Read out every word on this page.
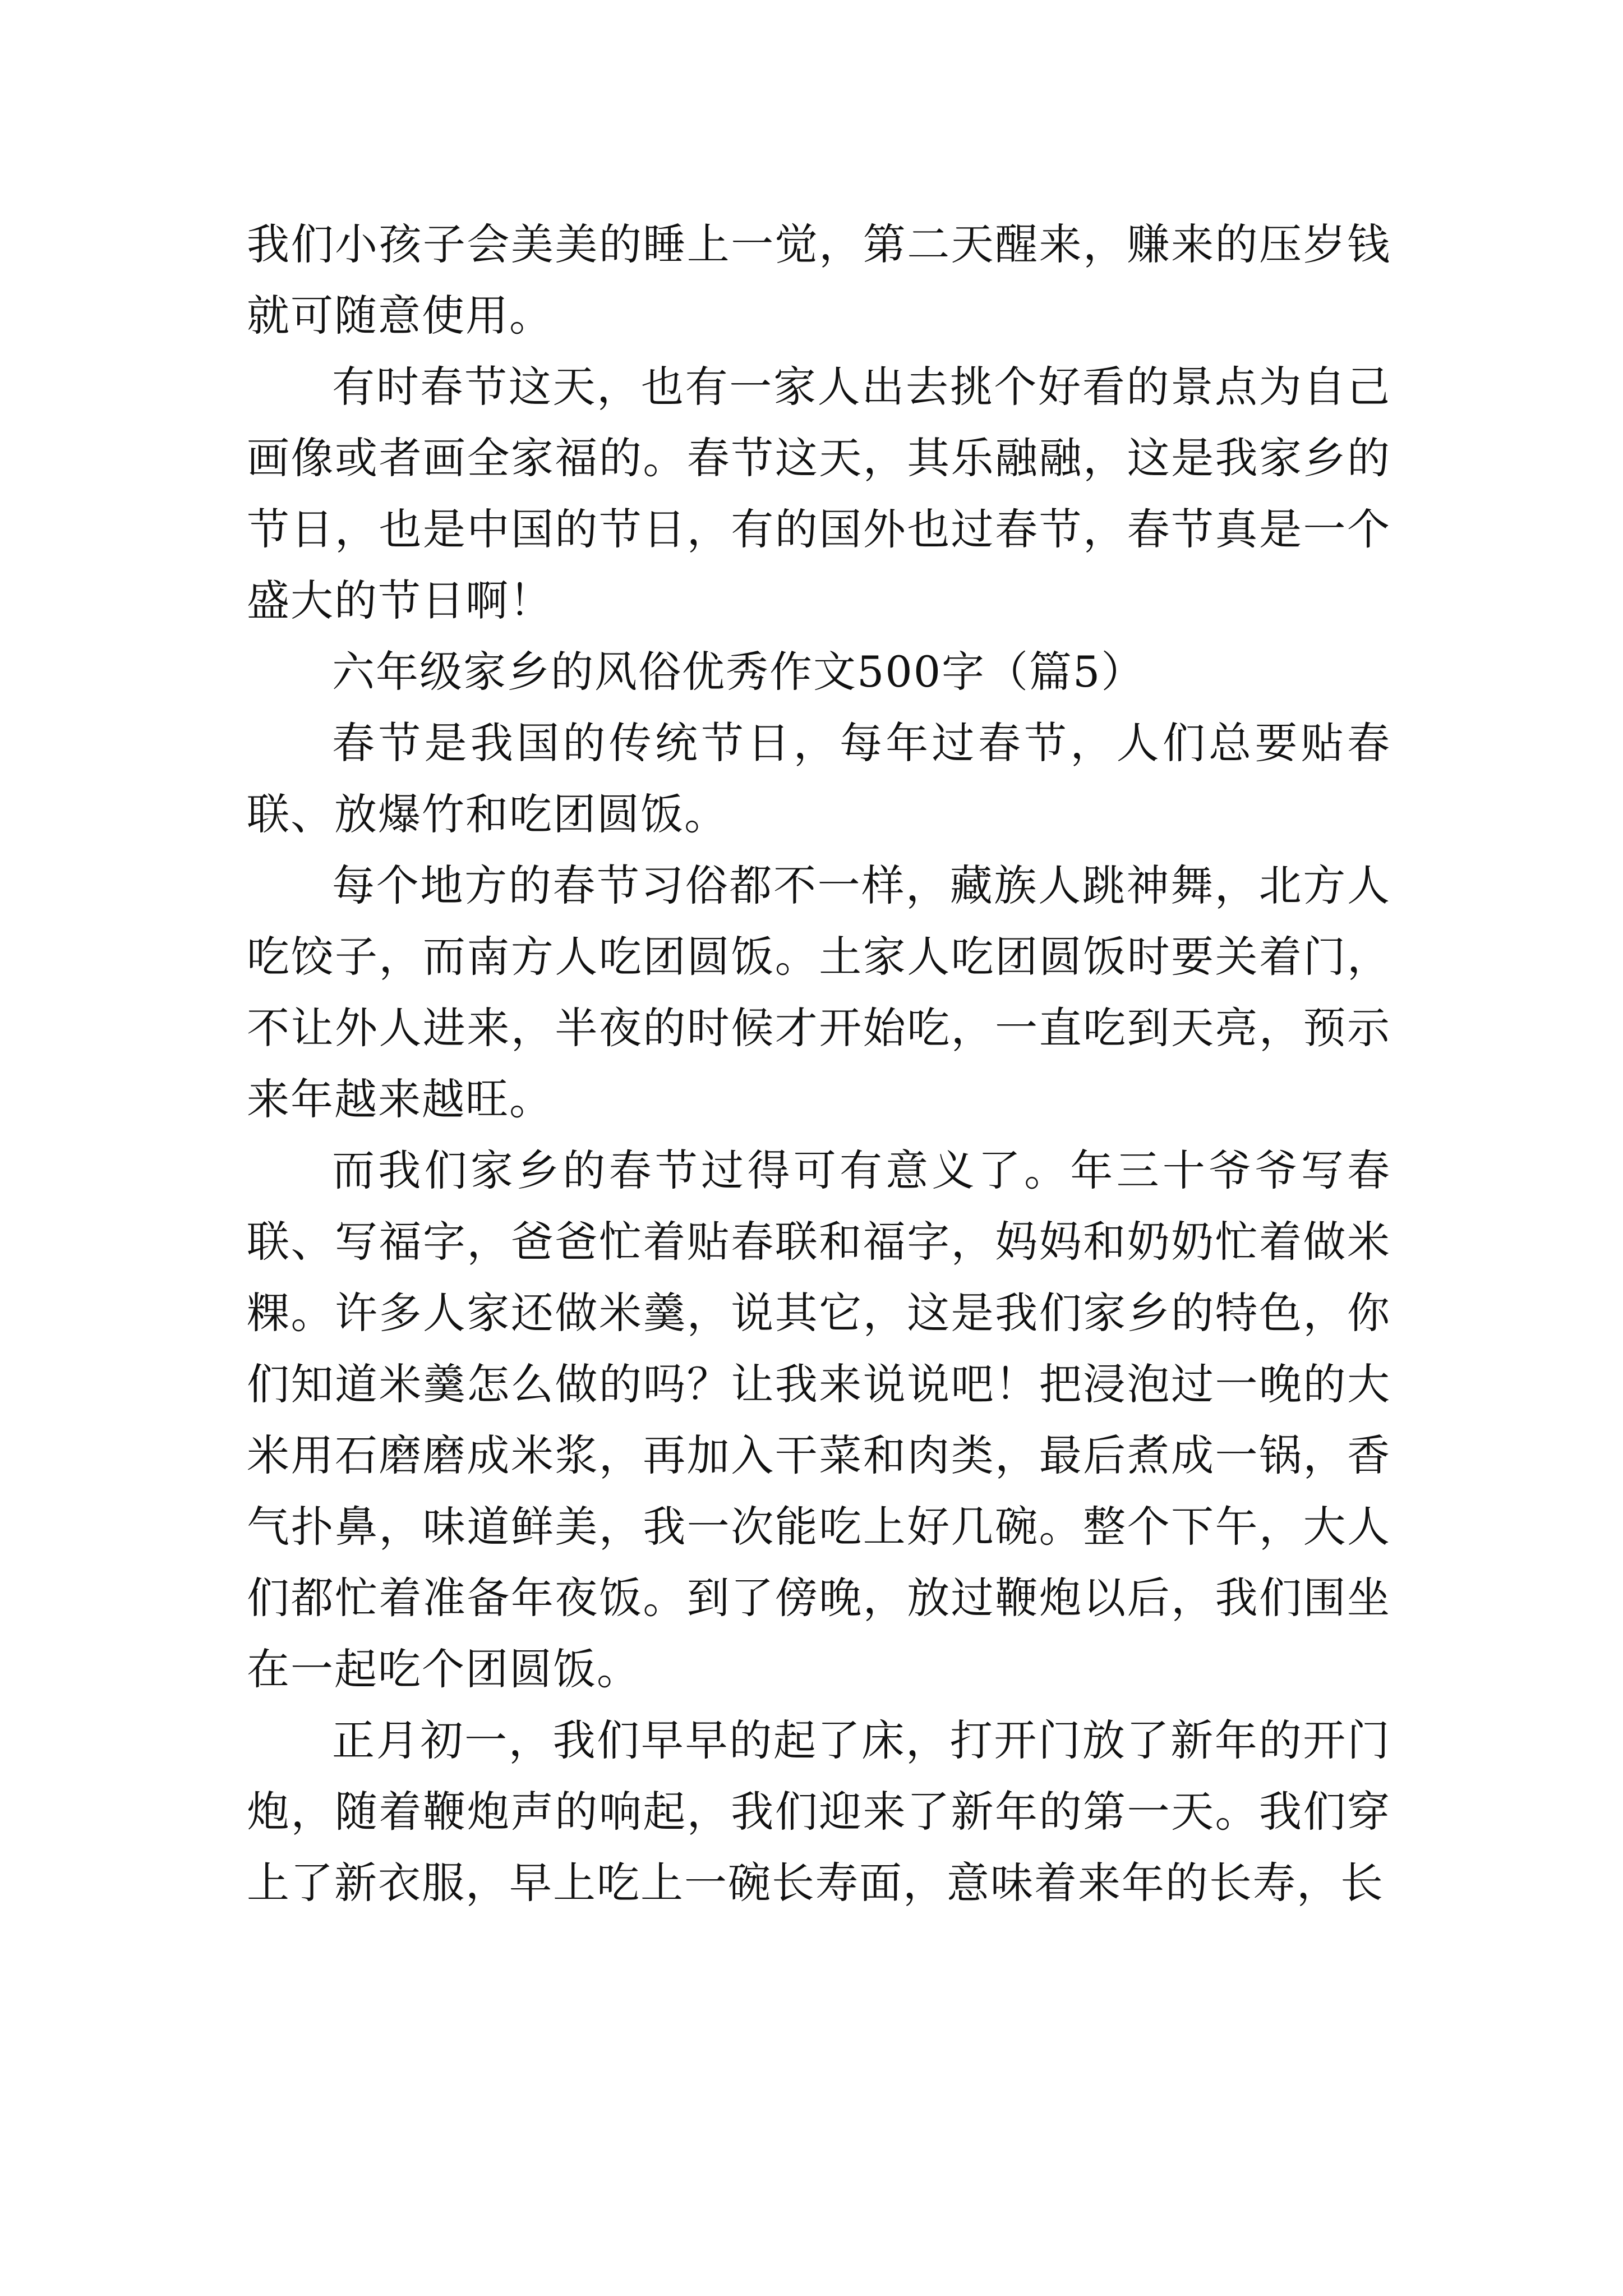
我们小孩子会美美的睡上一觉，第二天醒来，赚来的压岁钱就可随意使用。

有时春节这天，也有一家人出去挑个好看的景点为自己画像或者画全家福的。春节这天，其乐融融，这是我家乡的节日，也是中国的节日，有的国外也过春节，春节真是一个盛大的节日啊！

六年级家乡的风俗优秀作文500字（篇5）

春节是我国的传统节日，每年过春节，人们总要贴春联、放爆竹和吃团圆饭。

每个地方的春节习俗都不一样，藏族人跳神舞，北方人吃饺子，而南方人吃团圆饭。土家人吃团圆饭时要关着门，不让外人进来，半夜的时候才开始吃，一直吃到天亮，预示来年越来越旺。

而我们家乡的春节过得可有意义了。年三十爷爷写春联、写福字，爸爸忙着贴春联和福字，妈妈和奶奶忙着做米粿。许多人家还做米羹，说其它，这是我们家乡的特色，你们知道米羹怎么做的吗？让我来说说吧！把浸泡过一晚的大米用石磨磨成米浆，再加入干菜和肉类，最后煮成一锅，香气扑鼻，味道鲜美，我一次能吃上好几碗。整个下午，大人们都忙着准备年夜饭。到了傍晚，放过鞭炮以后，我们围坐在一起吃个团圆饭。

正月初一，我们早早的起了床，打开门放了新年的开门炮，随着鞭炮声的响起，我们迎来了新年的第一天。我们穿上了新衣服，早上吃上一碗长寿面，意味着来年的长寿，长
